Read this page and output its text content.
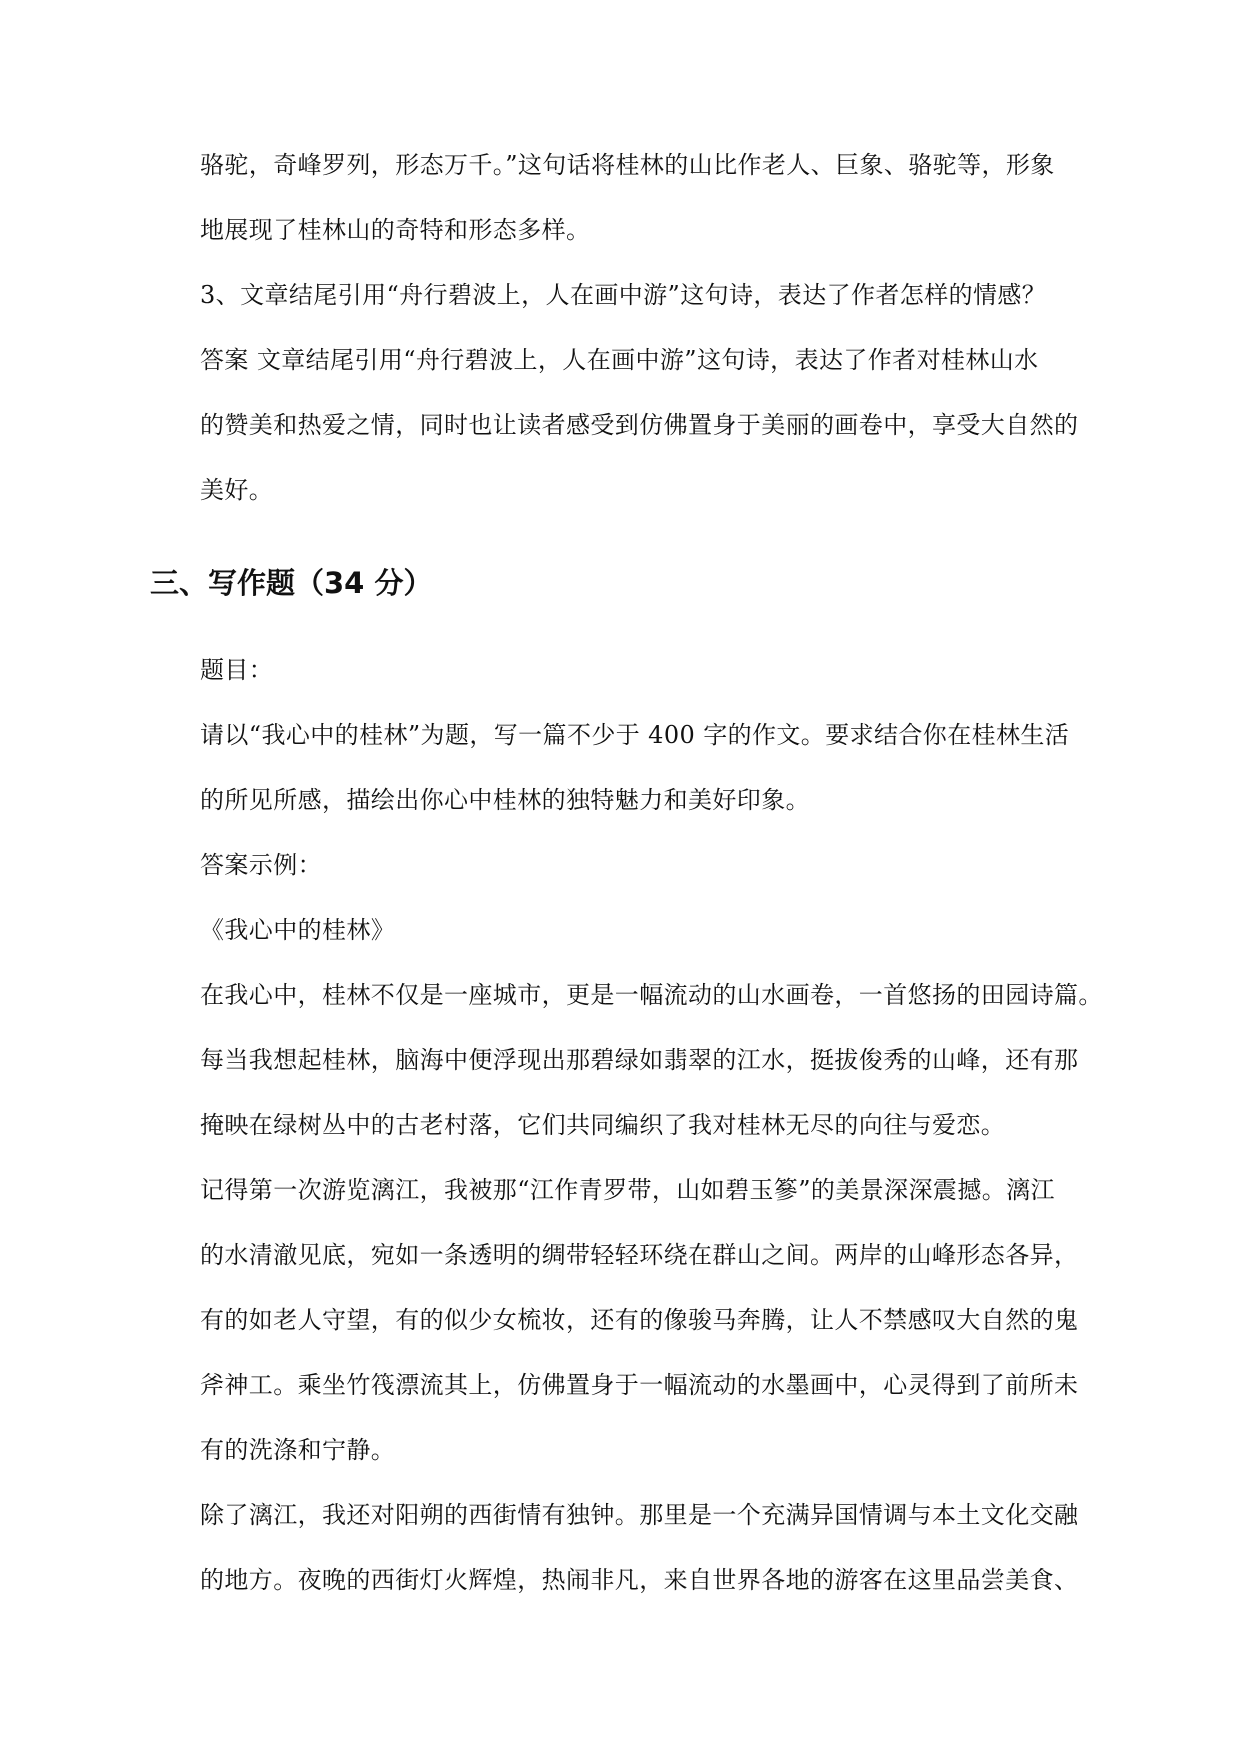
骆驼，奇峰罗列，形态万千。”这句话将桂林的山比作老人、巨象、骆驼等，形象
地展现了桂林山的奇特和形态多样。
3、文章结尾引用“舟行碧波上，人在画中游”这句诗，表达了作者怎样的情感？
答案 文章结尾引用“舟行碧波上，人在画中游”这句诗，表达了作者对桂林山水
的赞美和热爱之情，同时也让读者感受到仿佛置身于美丽的画卷中，享受大自然的
美好。
三、写作题（34 分）
题目：
请以“我心中的桂林”为题，写一篇不少于 400 字的作文。要求结合你在桂林生活
的所见所感，描绘出你心中桂林的独特魅力和美好印象。
答案示例：
《我心中的桂林》
在我心中，桂林不仅是一座城市，更是一幅流动的山水画卷，一首悠扬的田园诗篇。
每当我想起桂林，脑海中便浮现出那碧绿如翡翠的江水，挺拔俊秀的山峰，还有那
掩映在绿树丛中的古老村落，它们共同编织了我对桂林无尽的向往与爱恋。
记得第一次游览漓江，我被那“江作青罗带，山如碧玉篸”的美景深深震撼。漓江
的水清澈见底，宛如一条透明的绸带轻轻环绕在群山之间。两岸的山峰形态各异，
有的如老人守望，有的似少女梳妆，还有的像骏马奔腾，让人不禁感叹大自然的鬼
斧神工。乘坐竹筏漂流其上，仿佛置身于一幅流动的水墨画中，心灵得到了前所未
有的洗涤和宁静。
除了漓江，我还对阳朔的西街情有独钟。那里是一个充满异国情调与本土文化交融
的地方。夜晚的西街灯火辉煌，热闹非凡，来自世界各地的游客在这里品尝美食、
